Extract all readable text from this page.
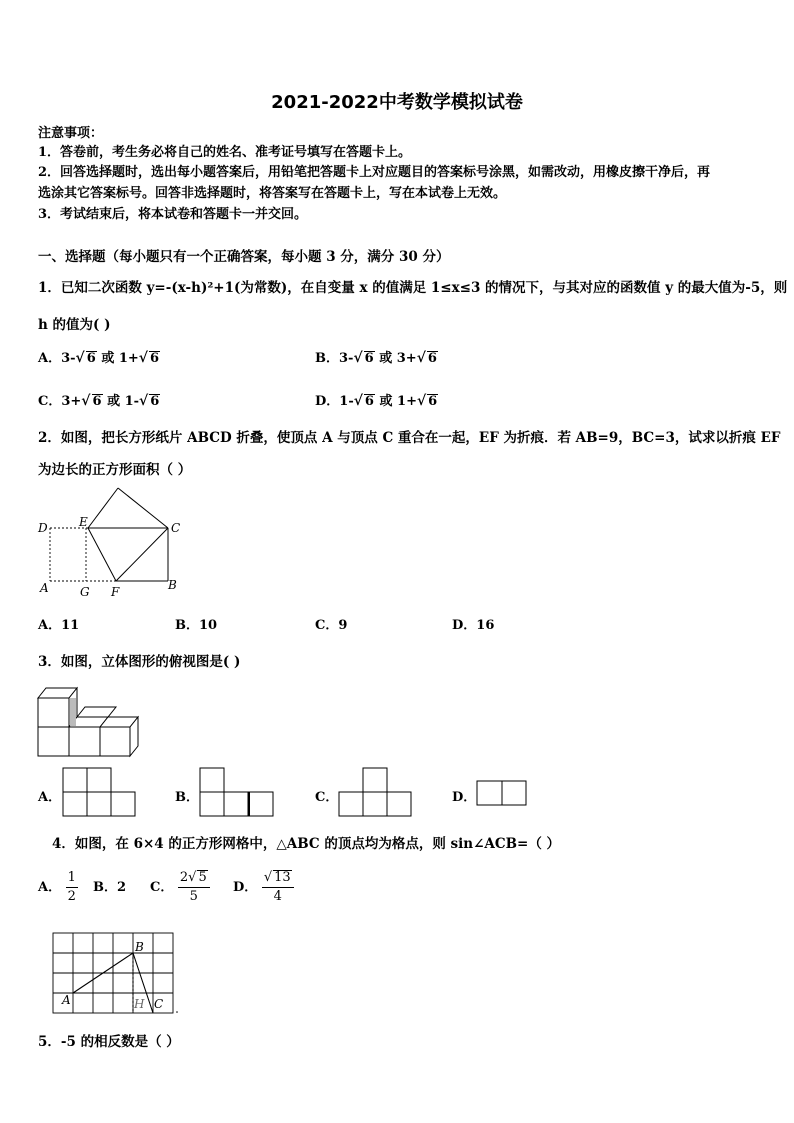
2021-2022中考数学模拟试卷
注意事项：
1．答卷前，考生务必将自己的姓名、准考证号填写在答题卡上。
2．回答选择题时，选出每小题答案后，用铅笔把答题卡上对应题目的答案标号涂黑，如需改动，用橡皮擦干净后，再
选涂其它答案标号。回答非选择题时，将答案写在答题卡上，写在本试卷上无效。
3．考试结束后，将本试卷和答题卡一并交回。
一、选择题（每小题只有一个正确答案，每小题 3 分，满分 30 分）
1．已知二次函数 y=-(x-h)²+1(为常数)，在自变量 x 的值满足 1≤x≤3 的情况下，与其对应的函数值 y 的最大值为-5，则
h 的值为( )
A．3-√ 6 或 1+√ 6	B．3-√ 6 或 3+√ 6
C．3+√ 6 或 1-√ 6	D．1-√ 6 或 1+√ 6
2．如图，把长方形纸片 ABCD 折叠，使顶点 A 与顶点 C 重合在一起，EF 为折痕．若 AB=9，BC=3，试求以折痕 EF
为边长的正方形面积（ ）
D	E	C
A	G F	B
A．11	B．10	C．9	D．16
3．如图，立体图形的俯视图是( )
A．	B．	C．	D．
4．如图，在 6×4 的正方形网格中，△ABC 的顶点均为格点，则 sin∠ACB=（ ）
A． $\frac{1}{2}$ B．2 C． $\frac{2√ 5}{5}$ D． $\frac{√ 13}{4}$
B
A	H C
5．-5 的相反数是（ ）
